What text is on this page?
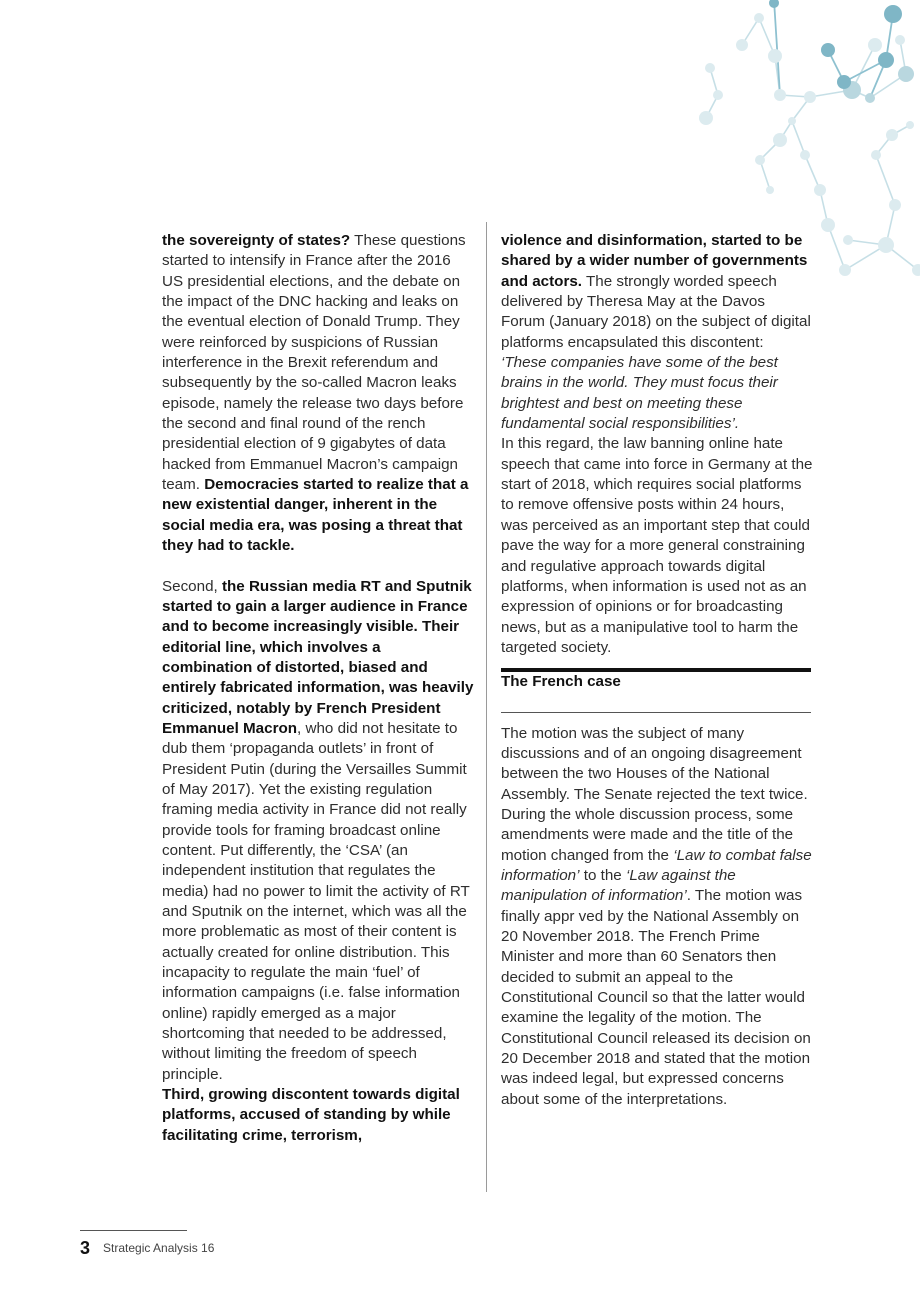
the sovereignty of states? These questions started to intensify in France after the 2016 US presidential elections, and the debate on the impact of the DNC hacking and leaks on the eventual election of Donald Trump. They were reinforced by suspicions of Russian interference in the Brexit referendum and subsequently by the so-called Macron leaks episode, namely the release two days before the second and final round of the rench presidential election of 9 gigabytes of data hacked from Emmanuel Macron’s campaign team. Democracies started to realize that a new existential danger, inherent in the social media era, was posing a threat that they had to tackle.

Second, the Russian media RT and Sputnik started to gain a larger audience in France and to become increasingly visible. Their editorial line, which involves a combination of distorted, biased and entirely fabricated information, was heavily criticized, notably by French President Emmanuel Macron, who did not hesitate to dub them ‘propaganda outlets’ in front of President Putin (during the Versailles Summit of May 2017). Yet the existing regulation framing media activity in France did not really provide tools for framing broadcast online content. Put differently, the ‘CSA’ (an independent institution that regulates the media) had no power to limit the activity of RT and Sputnik on the internet, which was all the more problematic as most of their content is actually created for online distribution. This incapacity to regulate the main ‘fuel’ of information campaigns (i.e. false information online) rapidly emerged as a major shortcoming that needed to be addressed, without limiting the freedom of speech principle.

Third, growing discontent towards digital platforms, accused of standing by while facilitating crime, terrorism,

violence and disinformation, started to be shared by a wider number of governments and actors. The strongly worded speech delivered by Theresa May at the Davos Forum (January 2018) on the subject of digital platforms encapsulated this discontent: ‘These companies have some of the best brains in the world. They must focus their brightest and best on meeting these fundamental social responsibilities’.

In this regard, the law banning online hate speech that came into force in Germany at the start of 2018, which requires social platforms to remove offensive posts within 24 hours, was perceived as an important step that could pave the way for a more general constraining and regulative approach towards digital platforms, when information is used not as an expression of opinions or for broadcasting news, but as a manipulative tool to harm the targeted society.

The French case

The motion was the subject of many discussions and of an ongoing disagreement between the two Houses of the National Assembly. The Senate rejected the text twice. During the whole discussion process, some amendments were made and the title of the motion changed from the ‘Law to combat false information’ to the ‘Law against the manipulation of information’. The motion was finally appr ved by the National Assembly on 20 November 2018. The French Prime Minister and more than 60 Senators then decided to submit an appeal to the Constitutional Council so that the latter would examine the legality of the motion. The Constitutional Council released its decision on 20 December 2018 and stated that the motion was indeed legal, but expressed concerns about some of the interpretations.

3 Strategic Analysis 16
